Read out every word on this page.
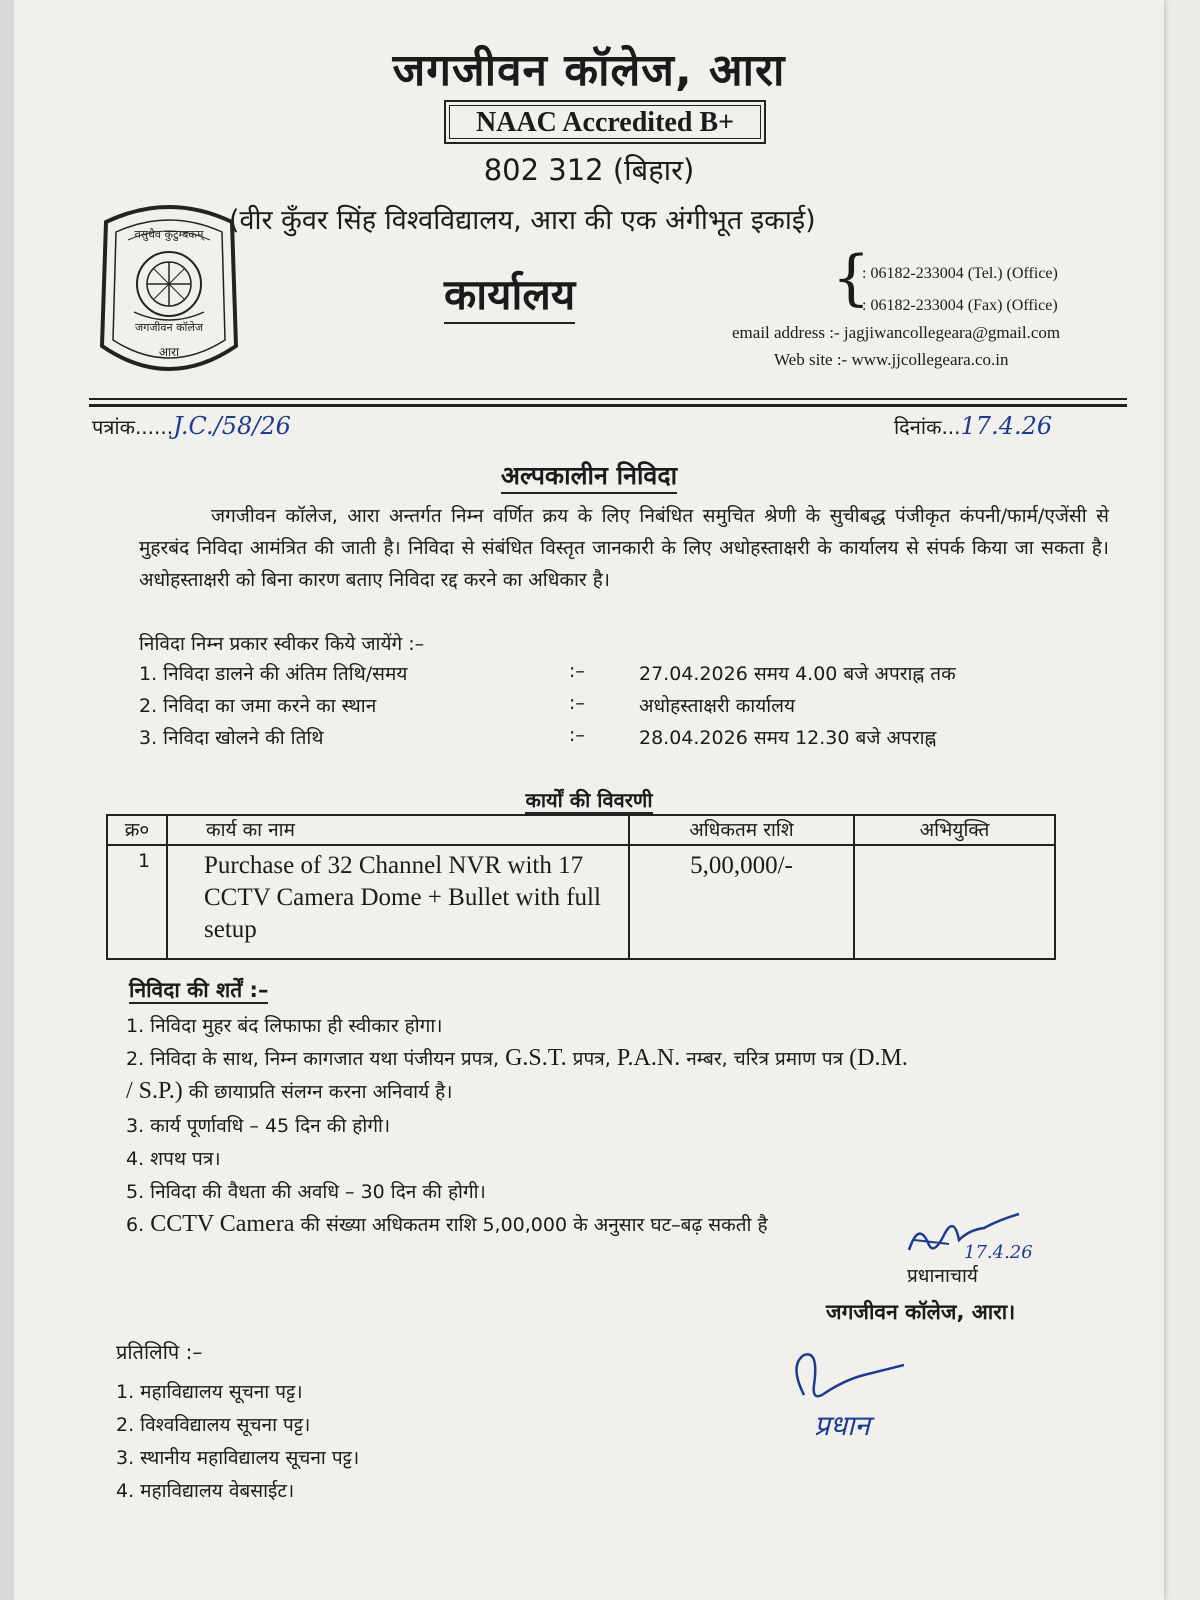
जगजीवन कॉलेज, आरा
NAAC Accredited B+
802 312 (बिहार)
(वीर कुँवर सिंह विश्वविद्यालय, आरा की एक अंगीभूत इकाई)
वसुधैव कुटुम्बकम्
जगजीवन कॉलेज
आरा
कार्यालय	{
: 06182-233004 (Tel.) (Office)
: 06182-233004 (Fax) (Office)
email address :- jagjiwancollegeara@gmail.com
Web site :- www.jjcollegeara.co.in
पत्रांक......J.C./58/26	दिनांक...17.4.26
अल्पकालीन निविदा
जगजीवन कॉलेज, आरा अन्तर्गत निम्न वर्णित क्रय के लिए निबंधित समुचित श्रेणी के सुचीबद्ध पंजीकृत कंपनी/फार्म/एजेंसी से मुहरबंद निविदा आमंत्रित की जाती है। निविदा से संबंधित विस्तृत जानकारी के लिए अधोहस्ताक्षरी के कार्यालय से संपर्क किया जा सकता है। अधोहस्ताक्षरी को बिना कारण बताए निविदा रद्द करने का अधिकार है।
निविदा निम्न प्रकार स्वीकर किये जायेंगे :–
1. निविदा डालने की अंतिम तिथि/समय	:–	27.04.2026 समय 4.00 बजे अपराह्न तक
2. निविदा का जमा करने का स्थान	:–	अधोहस्ताक्षरी कार्यालय
3. निविदा खोलने की तिथि	:–	28.04.2026 समय 12.30 बजे अपराह्न
कार्यों की विवरणी
क्र०	कार्य का नाम	अधिकतम राशि	अभियुक्ति
1	Purchase of 32 Channel NVR with 17 CCTV Camera Dome + Bullet with full setup	5,00,000/-	
निविदा की शर्तें :–
1. निविदा मुहर बंद लिफाफा ही स्वीकार होगा।
2. निविदा के साथ, निम्न कागजात यथा पंजीयन प्रपत्र, G.S.T. प्रपत्र, P.A.N. नम्बर, चरित्र प्रमाण पत्र (D.M.
/ S.P.) की छायाप्रति संलग्न करना अनिवार्य है।
3. कार्य पूर्णावधि – 45 दिन की होगी।
4. शपथ पत्र।
5. निविदा की वैधता की अवधि – 30 दिन की होगी।
6. CCTV Camera की संख्या अधिकतम राशि 5,00,000 के अनुसार घट–बढ़ सकती है
17.4.26
प्रधानाचार्य
जगजीवन कॉलेज, आरा।
प्रधान
प्रतिलिपि :–
1. महाविद्यालय सूचना पट्ट।
2. विश्वविद्यालय सूचना पट्ट।
3. स्थानीय महाविद्यालय सूचना पट्ट।
4. महाविद्यालय वेबसाईट।
